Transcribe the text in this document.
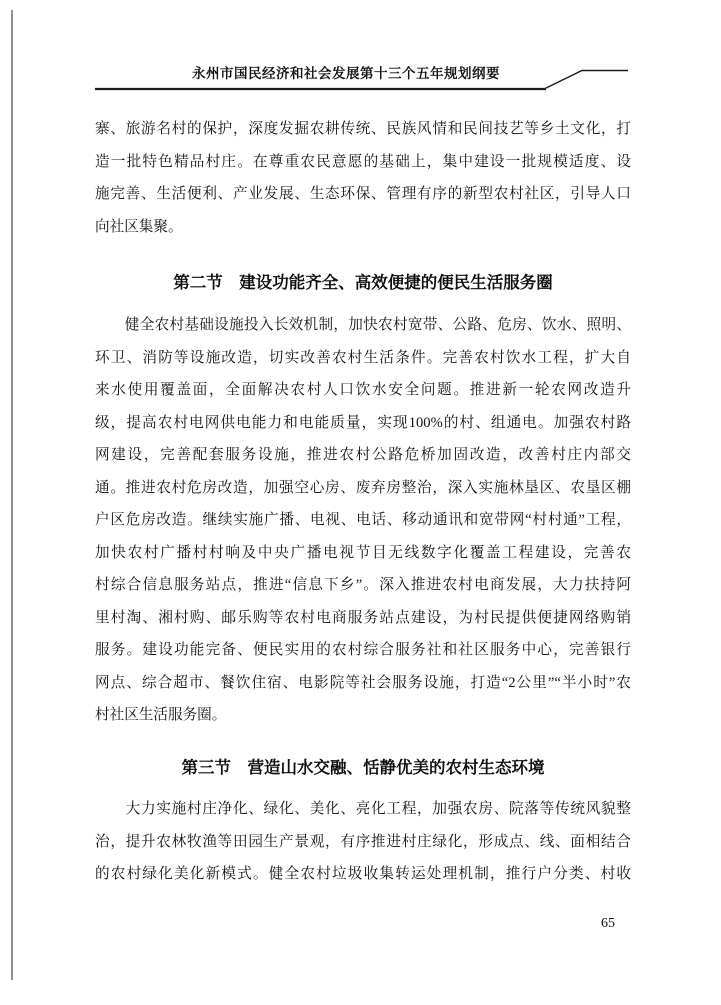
永州市国民经济和社会发展第十三个五年规划纲要
寨、旅游名村的保护，深度发掘农耕传统、民族风情和民间技艺等乡土文化，打
造一批特色精品村庄。在尊重农民意愿的基础上，集中建设一批规模适度、设
施完善、生活便利、产业发展、生态环保、管理有序的新型农村社区，引导人口
向社区集聚。
第二节　建设功能齐全、高效便捷的便民生活服务圈
　　健全农村基础设施投入长效机制，加快农村宽带、公路、危房、饮水、照明、
环卫、消防等设施改造，切实改善农村生活条件。完善农村饮水工程，扩大自
来水使用覆盖面，全面解决农村人口饮水安全问题。推进新一轮农网改造升
级，提高农村电网供电能力和电能质量，实现100%的村、组通电。加强农村路
网建设，完善配套服务设施，推进农村公路危桥加固改造，改善村庄内部交
通。推进农村危房改造，加强空心房、废弃房整治，深入实施林垦区、农垦区棚
户区危房改造。继续实施广播、电视、电话、移动通讯和宽带网“村村通”工程，
加快农村广播村村响及中央广播电视节目无线数字化覆盖工程建设，完善农
村综合信息服务站点，推进“信息下乡”。深入推进农村电商发展，大力扶持阿
里村淘、湘村购、邮乐购等农村电商服务站点建设，为村民提供便捷网络购销
服务。建设功能完备、便民实用的农村综合服务社和社区服务中心，完善银行
网点、综合超市、餐饮住宿、电影院等社会服务设施，打造“2公里”“半小时”农
村社区生活服务圈。
第三节　营造山水交融、恬静优美的农村生态环境
　　大力实施村庄净化、绿化、美化、亮化工程，加强农房、院落等传统风貌整
治，提升农林牧渔等田园生产景观，有序推进村庄绿化，形成点、线、面相结合
的农村绿化美化新模式。健全农村垃圾收集转运处理机制，推行户分类、村收
65
